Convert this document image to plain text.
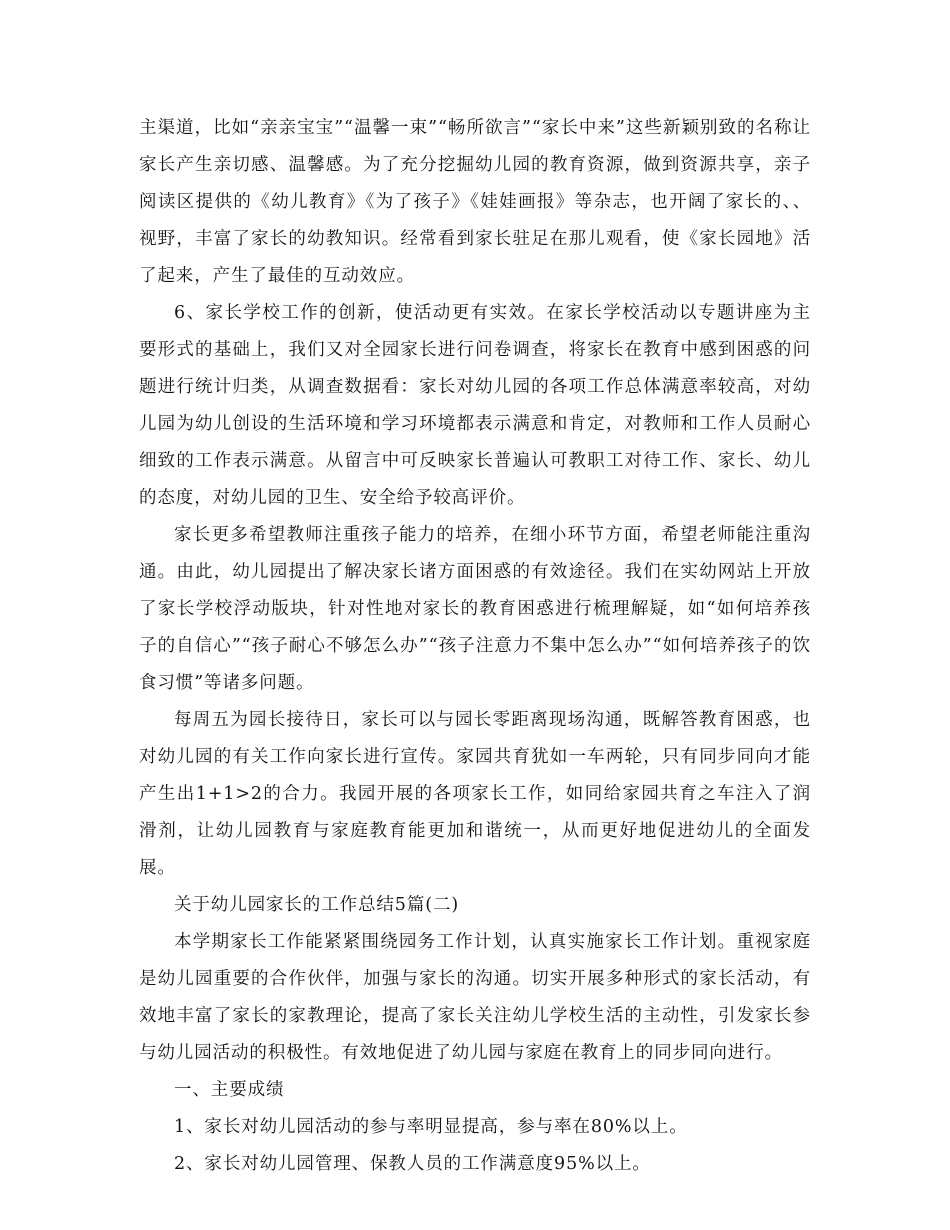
主渠道，比如“亲亲宝宝”“温馨一束”“畅所欲言”“家长中来”这些新颖别致的名称让家长产生亲切感、温馨感。为了充分挖掘幼儿园的教育资源，做到资源共享，亲子阅读区提供的《幼儿教育》《为了孩子》《娃娃画报》等杂志，也开阔了家长的、、视野，丰富了家长的幼教知识。经常看到家长驻足在那儿观看，使《家长园地》活了起来，产生了最佳的互动效应。

6、家长学校工作的创新，使活动更有实效。在家长学校活动以专题讲座为主要形式的基础上，我们又对全园家长进行问卷调查，将家长在教育中感到困惑的问题进行统计归类，从调查数据看：家长对幼儿园的各项工作总体满意率较高，对幼儿园为幼儿创设的生活环境和学习环境都表示满意和肯定，对教师和工作人员耐心细致的工作表示满意。从留言中可反映家长普遍认可教职工对待工作、家长、幼儿的态度，对幼儿园的卫生、安全给予较高评价。

家长更多希望教师注重孩子能力的培养，在细小环节方面，希望老师能注重沟通。由此，幼儿园提出了解决家长诸方面困惑的有效途径。我们在实幼网站上开放了家长学校浮动版块，针对性地对家长的教育困惑进行梳理解疑，如“如何培养孩子的自信心”“孩子耐心不够怎么办”“孩子注意力不集中怎么办”“如何培养孩子的饮食习惯”等诸多问题。

每周五为园长接待日，家长可以与园长零距离现场沟通，既解答教育困惑，也对幼儿园的有关工作向家长进行宣传。家园共育犹如一车两轮，只有同步同向才能产生出1+1>2的合力。我园开展的各项家长工作，如同给家园共育之车注入了润滑剂，让幼儿园教育与家庭教育能更加和谐统一，从而更好地促进幼儿的全面发展。

关于幼儿园家长的工作总结5篇(二)

本学期家长工作能紧紧围绕园务工作计划，认真实施家长工作计划。重视家庭是幼儿园重要的合作伙伴，加强与家长的沟通。切实开展多种形式的家长活动，有效地丰富了家长的家教理论，提高了家长关注幼儿学校生活的主动性，引发家长参与幼儿园活动的积极性。有效地促进了幼儿园与家庭在教育上的同步同向进行。

一、主要成绩

1、家长对幼儿园活动的参与率明显提高，参与率在80%以上。

2、家长对幼儿园管理、保教人员的工作满意度95%以上。
